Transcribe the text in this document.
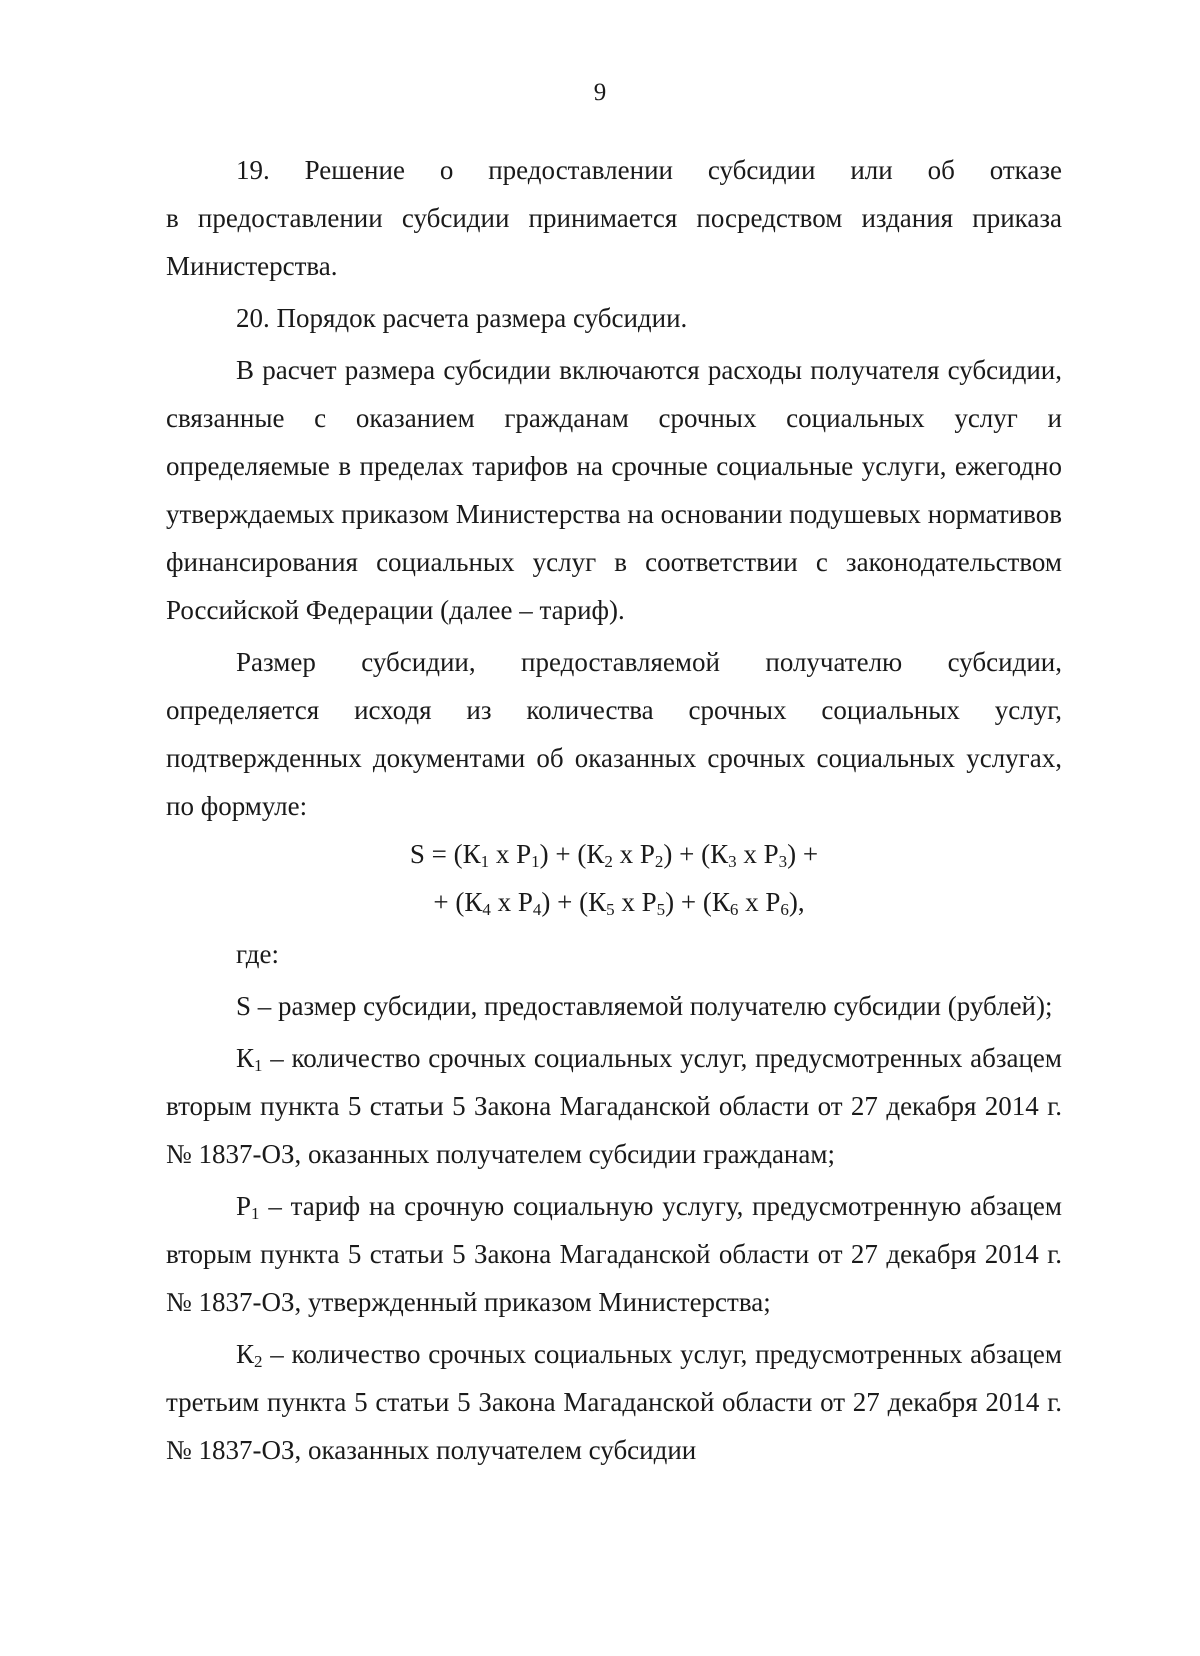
9

19. Решение о предоставлении субсидии или об отказе

в предоставлении субсидии принимается посредством издания приказа Министерства.

20. Порядок расчета размера субсидии.

В расчет размера субсидии включаются расходы получателя субсидии, связанные с оказанием гражданам срочных социальных услуг и определяемые в пределах тарифов на срочные социальные услуги, ежегодно утверждаемых приказом Министерства на основании подушевых нормативов финансирования социальных услуг в соответствии с законодательством Российской Федерации (далее – тариф).

Размер субсидии, предоставляемой получателю субсидии, определяется исходя из количества срочных социальных услуг, подтвержденных документами об оказанных срочных социальных услугах, по формуле:

$S = (К_1$ х $Р_1) + (К_2$ х $Р_2) + (К_3$ х $Р_3$) +
+ ($К_4$ х $Р_4) + (К_5$ х $Р_5) + (К_6$ х $Р_6$),

где:

S – размер субсидии, предоставляемой получателю субсидии (рублей);

$К_1$ – количество срочных социальных услуг, предусмотренных абзацем вторым пункта 5 статьи 5 Закона Магаданской области от 27 декабря 2014 г. № 1837-ОЗ, оказанных получателем субсидии гражданам;

$Р_1$ – тариф на срочную социальную услугу, предусмотренную абзацем вторым пункта 5 статьи 5 Закона Магаданской области от 27 декабря 2014 г. № 1837-ОЗ, утвержденный приказом Министерства;

$К_2$ – количество срочных социальных услуг, предусмотренных абзацем третьим пункта 5 статьи 5 Закона Магаданской области от 27 декабря 2014 г. № 1837-ОЗ, оказанных получателем субсидии
